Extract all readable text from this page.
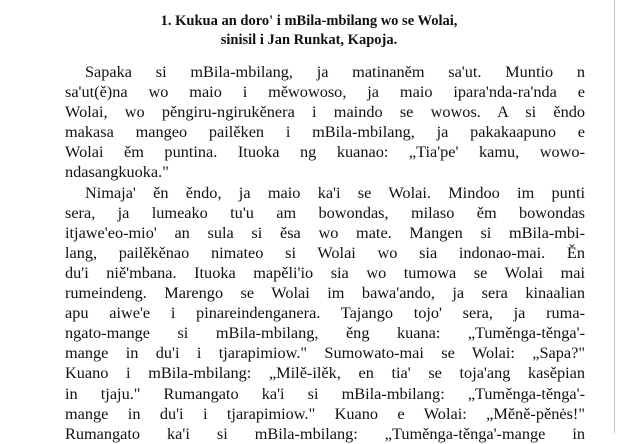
1. Kukua an doro' i mBila-mbilang wo se Wolai,
sinisil i Jan Runkat, Kapoja.
Sapaka si mBila-mbilang, ja matinaněm sa'ut. Muntio n
sa'ut(ě)na wo maio i měwowoso, ja maio ipara'nda-ra'nda e
Wolai, wo pěngiru-ngirukěnera i maindo se wowos. A si ěndo
makasa mangeo pailěken i mBila-mbilang, ja pakakaapuno e
Wolai ěm puntina. Ituoka ng kuanao: „Tia'pe' kamu, wowo-
ndasangkuoka."
Nimaja' ěn ěndo, ja maio ka'i se Wolai. Mindoo im punti
sera, ja lumeako tu'u am bowondas, milaso ěm bowondas
itjawe'eo-mio' an sula si ěsa wo mate. Mangen si mBila-mbi-
lang, pailěkěnao nimateo si Wolai wo sia indonao-mai. Ěn
du'i niě'mbana. Ituoka mapěli'io sia wo tumowa se Wolai mai
rumeindeng. Marengo se Wolai im bawa'ando, ja sera kinaalian
apu aiwe'e i pinareindenganera. Tajango tojo' sera, ja ruma-
ngato-mange si mBila-mbilang, ěng kuana: „Tuměnga-těnga'-
mange in du'i i tjarapimiow." Sumowato-mai se Wolai: „Sapa?"
Kuano i mBila-mbilang: „Milě-ilěk, en tia' se toja'ang kasěpian
in tjaju." Rumangato ka'i si mBila-mbilang: „Tuměnga-těnga'-
mange in du'i i tjarapimiow." Kuano e Wolai: „Měně-pěnės!"
Rumangato ka'i si mBila-mbilang: „Tuměnga-těnga'-mange in
